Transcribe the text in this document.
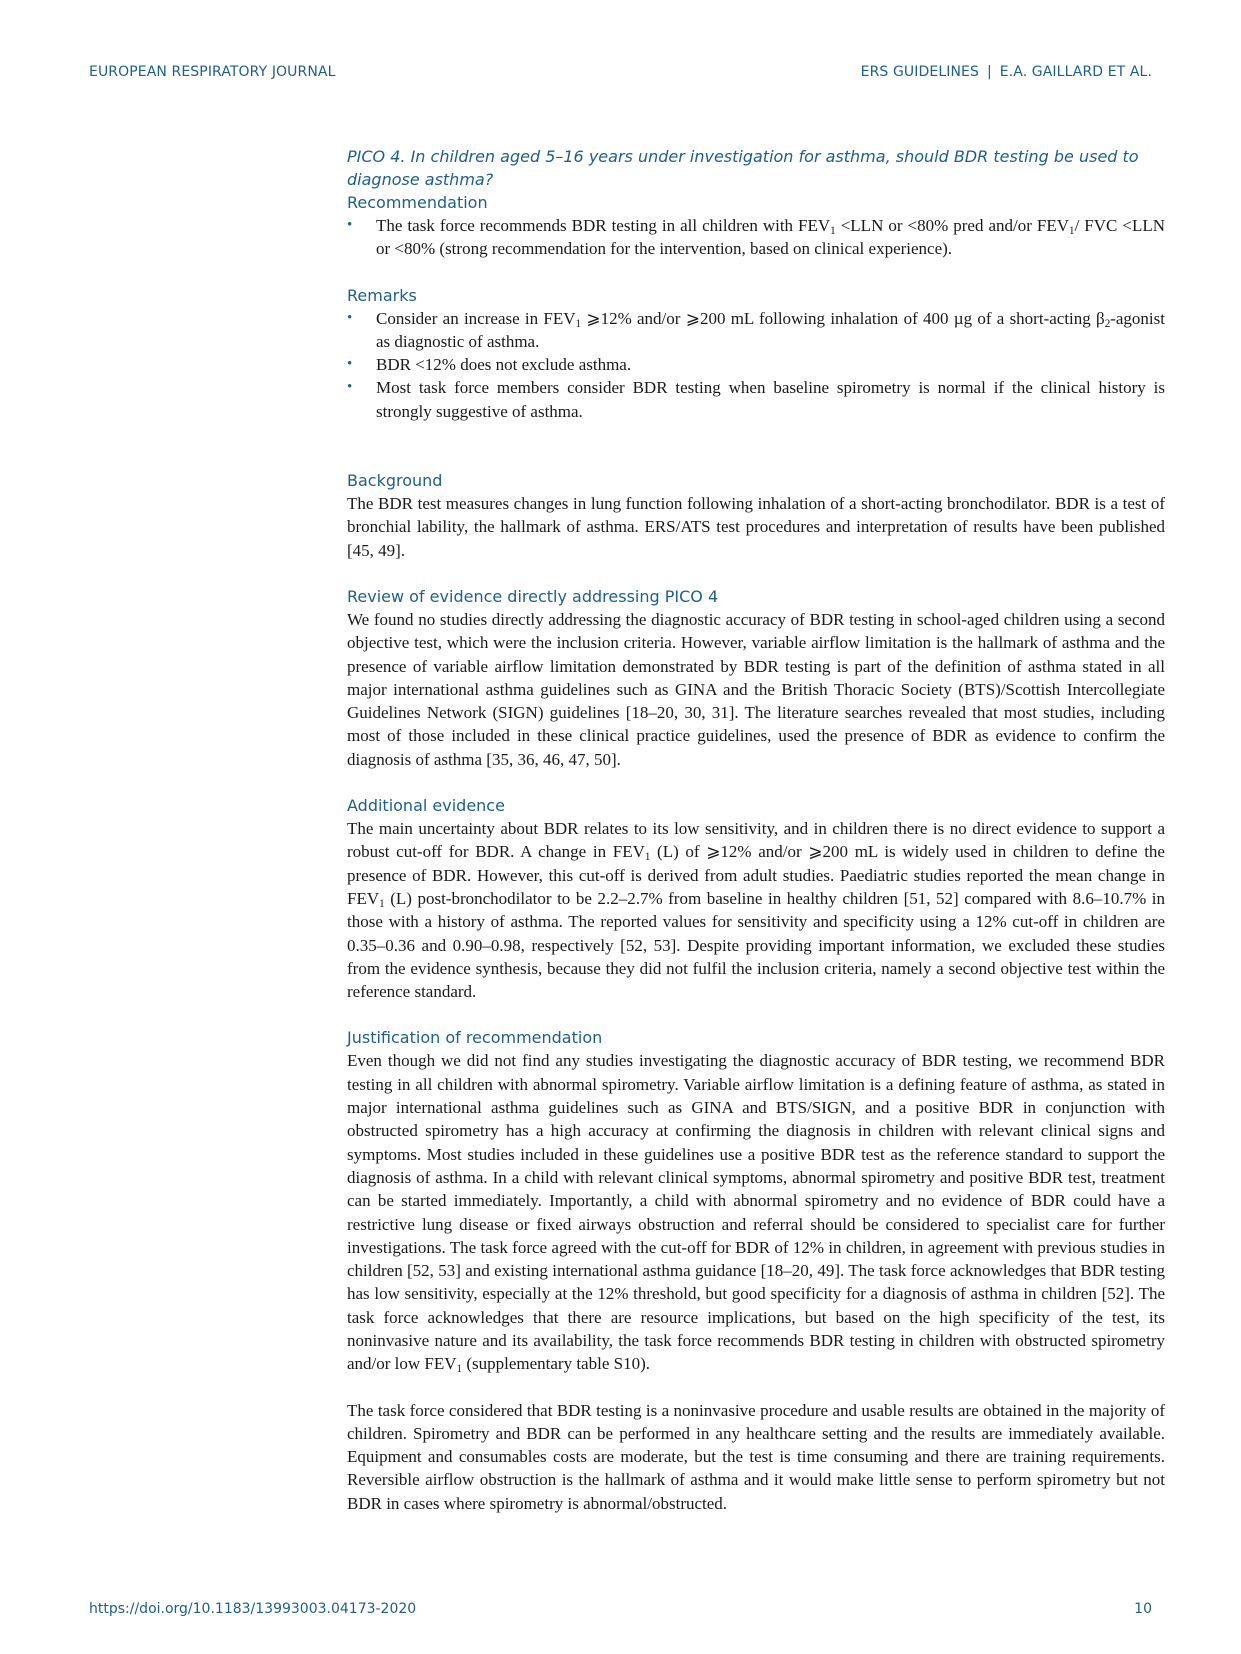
EUROPEAN RESPIRATORY JOURNAL	ERS GUIDELINES | E.A. GAILLARD ET AL.

PICO 4. In children aged 5–16 years under investigation for asthma, should BDR testing be used to diagnose asthma?

Recommendation
• The task force recommends BDR testing in all children with $FEV_1 <LLN$ or <80% pred and/or $FEV_1/$ FVC <LLN or <80% (strong recommendation for the intervention, based on clinical experience).
Remarks
• Consider an increase in $FEV_1$ ⩾12% and/or ⩾200 mL following inhalation of 400 µg of a short-acting $\beta_2$-agonist as diagnostic of asthma.
• BDR <12% does not exclude asthma.
• Most task force members consider BDR testing when baseline spirometry is normal if the clinical history is strongly suggestive of asthma.
Background

The BDR test measures changes in lung function following inhalation of a short-acting bronchodilator. BDR is a test of bronchial lability, the hallmark of asthma. ERS/ATS test procedures and interpretation of results have been published [45, 49].

Review of evidence directly addressing PICO 4

We found no studies directly addressing the diagnostic accuracy of BDR testing in school-aged children using a second objective test, which were the inclusion criteria. However, variable airflow limitation is the hallmark of asthma and the presence of variable airflow limitation demonstrated by BDR testing is part of the definition of asthma stated in all major international asthma guidelines such as GINA and the British Thoracic Society (BTS)/Scottish Intercollegiate Guidelines Network (SIGN) guidelines [18–20, 30, 31]. The literature searches revealed that most studies, including most of those included in these clinical practice guidelines, used the presence of BDR as evidence to confirm the diagnosis of asthma [35, 36, 46, 47, 50].

Additional evidence

The main uncertainty about BDR relates to its low sensitivity, and in children there is no direct evidence to support a robust cut-off for BDR. A change in $FEV_1$ (L) of ⩾12% and/or ⩾200 mL is widely used in children to define the presence of BDR. However, this cut-off is derived from adult studies. Paediatric studies reported the mean change in $FEV_1$ (L) post-bronchodilator to be 2.2–2.7% from baseline in healthy children [51, 52] compared with 8.6–10.7% in those with a history of asthma. The reported values for sensitivity and specificity using a 12% cut-off in children are 0.35–0.36 and 0.90–0.98, respectively [52, 53]. Despite providing important information, we excluded these studies from the evidence synthesis, because they did not fulfil the inclusion criteria, namely a second objective test within the reference standard.

Justification of recommendation

Even though we did not find any studies investigating the diagnostic accuracy of BDR testing, we recommend BDR testing in all children with abnormal spirometry. Variable airflow limitation is a defining feature of asthma, as stated in major international asthma guidelines such as GINA and BTS/SIGN, and a positive BDR in conjunction with obstructed spirometry has a high accuracy at confirming the diagnosis in children with relevant clinical signs and symptoms. Most studies included in these guidelines use a positive BDR test as the reference standard to support the diagnosis of asthma. In a child with relevant clinical symptoms, abnormal spirometry and positive BDR test, treatment can be started immediately. Importantly, a child with abnormal spirometry and no evidence of BDR could have a restrictive lung disease or fixed airways obstruction and referral should be considered to specialist care for further investigations. The task force agreed with the cut-off for BDR of 12% in children, in agreement with previous studies in children [52, 53] and existing international asthma guidance [18–20, 49]. The task force acknowledges that BDR testing has low sensitivity, especially at the 12% threshold, but good specificity for a diagnosis of asthma in children [52]. The task force acknowledges that there are resource implications, but based on the high specificity of the test, its noninvasive nature and its availability, the task force recommends BDR testing in children with obstructed spirometry and/or low $FEV_1$ (supplementary table S10).

The task force considered that BDR testing is a noninvasive procedure and usable results are obtained in the majority of children. Spirometry and BDR can be performed in any healthcare setting and the results are immediately available. Equipment and consumables costs are moderate, but the test is time consuming and there are training requirements. Reversible airflow obstruction is the hallmark of asthma and it would make little sense to perform spirometry but not BDR in cases where spirometry is abnormal/obstructed.

https://doi.org/10.1183/13993003.04173-2020	10
